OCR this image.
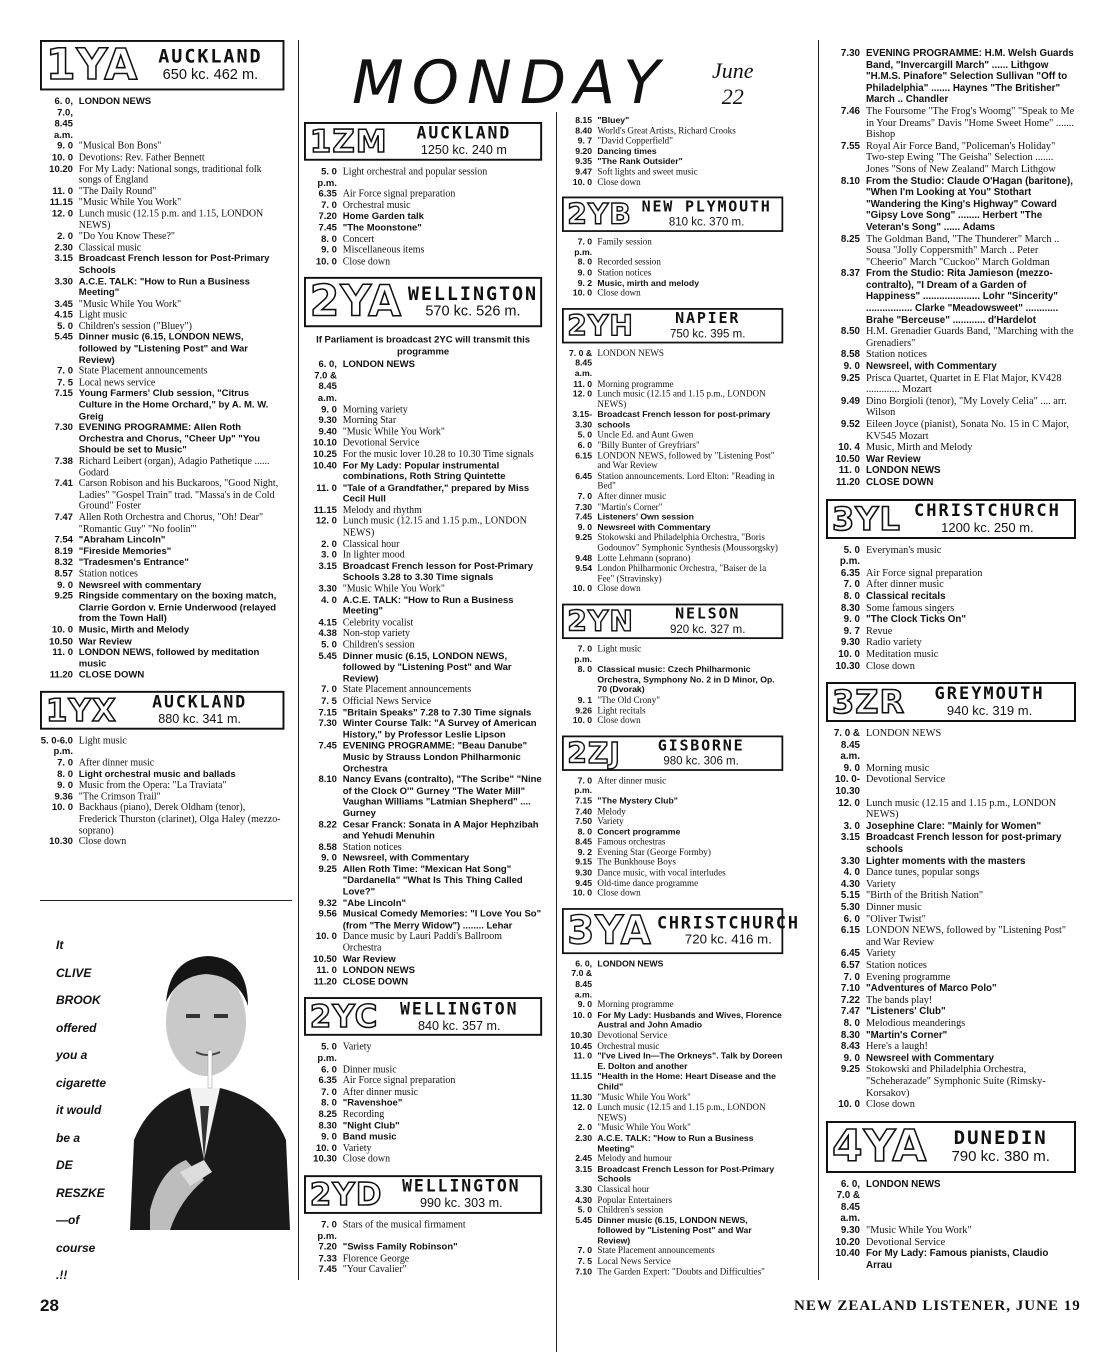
MONDAY June
22
1YA	AUCKLAND
650 kc. 462 m.
6. 0, 7.0, 8.45 a.m.
LONDON NEWS
9. 0 "Musical Bon Bons"
10. 0 Devotions: Rev. Father Bennett
10.20 For My Lady: National songs, traditional folk songs of England
11. 0 "The Daily Round"
11.15 "Music While You Work"
12. 0 Lunch music (12.15 p.m. and 1.15, LONDON NEWS)
2. 0 "Do You Know These?"
2.30 Classical music
3.15 Broadcast French lesson for Post-Primary Schools
3.30 A.C.E. TALK: "How to Run a Business Meeting"
3.45 "Music While You Work"
4.15 Light music
5. 0 Children's session ("Bluey")
5.45 Dinner music (6.15, LONDON NEWS, followed by "Listening Post" and War Review)
7. 0 State Placement announcements
7. 5 Local news service
7.15 Young Farmers' Club session, "Citrus Culture in the Home Orchard," by A. M. W. Greig
7.30 EVENING PROGRAMME: Allen Roth Orchestra and Chorus, "Cheer Up" "You Should be set to Music"
7.38 Richard Leibert (organ), Adagio Pathetique ...... Godard
7.41 Carson Robison and his Buckaroos, "Good Night, Ladies" "Gospel Train" trad. "Massa's in de Cold Ground" Foster
7.47 Allen Roth Orchestra and Chorus, "Oh! Dear" "Romantic Guy" "No foolin'"
7.54 "Abraham Lincoln"
8.19 "Fireside Memories"
8.32 "Tradesmen's Entrance"
8.57 Station notices
9. 0 Newsreel with commentary
9.25 Ringside commentary on the boxing match, Clarrie Gordon v. Ernie Underwood (relayed from the Town Hall)
10. 0 Music, Mirth and Melody
10.50 War Review
11. 0 LONDON NEWS, followed by meditation music
11.20 CLOSE DOWN
1YX	AUCKLAND
880 kc. 341 m.
5. 0-6.0 p.m.
Light music
7. 0 After dinner music
8. 0 Light orchestral music and ballads
9. 0 Music from the Opera: "La Traviata"
9.36 "The Crimson Trail"
10. 0 Backhaus (piano), Derek Oldham (tenor), Frederick Thurston (clarinet), Olga Haley (mezzo-soprano)
10.30 Close down
1ZM	AUCKLAND
1250 kc. 240 m
5. 0 p.m.
Light orchestral and popular session
6.35 Air Force signal preparation
7. 0 Orchestral music
7.20 Home Garden talk
7.45 "The Moonstone"
8. 0 Concert
9. 0 Miscellaneous items
10. 0 Close down
2YA WELLINGTON
570 kc. 526 m.
If Parliament is broadcast 2YC will transmit this programme
6. 0, 7.0 & 8.45 a.m.
LONDON NEWS
9. 0 Morning variety
9.30 Morning Star
9.40 "Music While You Work"
10.10 Devotional Service
10.25 For the music lover 10.28 to 10.30 Time signals
10.40 For My Lady: Popular instrumental combinations, Roth String Quintette
11. 0 "Tale of a Grandfather," prepared by Miss Cecil Hull
11.15 Melody and rhythm
12. 0 Lunch music (12.15 and 1.15 p.m., LONDON NEWS)
2. 0 Classical hour
3. 0 In lighter mood
3.15 Broadcast French lesson for Post-Primary Schools 3.28 to 3.30 Time signals
3.30 "Music While You Work"
4. 0 A.C.E. TALK: "How to Run a Business Meeting"
4.15 Celebrity vocalist
4.38 Non-stop variety
5. 0 Children's session
5.45 Dinner music (6.15, LONDON NEWS, followed by "Listening Post" and War Review)
7. 0 State Placement announcements
7. 5 Official News Service
7.15 "Britain Speaks" 7.28 to 7.30 Time signals
7.30 Winter Course Talk: "A Survey of American History," by Professor Leslie Lipson
7.45 EVENING PROGRAMME: "Beau Danube" Music by Strauss London Philharmonic Orchestra
8.10 Nancy Evans (contralto), "The Scribe" "Nine of the Clock O'" Gurney "The Water Mill" Vaughan Williams "Latmian Shepherd" .... Gurney
8.22 Cesar Franck: Sonata in A Major Hephzibah and Yehudi Menuhin
8.58 Station notices
9. 0 Newsreel, with Commentary
9.25 Allen Roth Time: "Mexican Hat Song" "Dardanella" "What Is This Thing Called Love?"
9.32 "Abe Lincoln"
9.56 Musical Comedy Memories: "I Love You So" (from "The Merry Widow") ........ Lehar
10. 0 Dance music by Lauri Paddi's Ballroom Orchestra
10.50 War Review
11. 0 LONDON NEWS
11.20 CLOSE DOWN
2YC	WELLINGTON
840 kc. 357 m.
5. 0 p.m.
Variety
6. 0 Dinner music
6.35 Air Force signal preparation
7. 0 After dinner music
8. 0 "Ravenshoe"
8.25 Recording
8.30 "Night Club"
9. 0 Band music
10. 0 Variety
10.30 Close down
2YD	WELLINGTON
990 kc. 303 m.
7. 0 p.m.
Stars of the musical firmament
7.20 "Swiss Family Robinson"
7.33 Florence George
7.45 "Your Cavalier"
8.15 "Bluey"
8.40 World's Great Artists, Richard Crooks
9. 7 "David Copperfield"
9.20 Dancing times
9.35 "The Rank Outsider"
9.47 Soft lights and sweet music
10. 0 Close down
2YB NEW PLYMOUTH
810 kc. 370 m.
7. 0 p.m.
Family session
8. 0 Recorded session
9. 0 Station notices
9. 2 Music, mirth and melody
10. 0 Close down
2YH	NAPIER
750 kc. 395 m.
7. 0 & 8.45 a.m.
LONDON NEWS
11. 0 Morning programme
12. 0 Lunch music (12.15 and 1.15 p.m., LONDON NEWS)
3.15-3.30
Broadcast French lesson for post-primary schools
5. 0 Uncle Ed. and Aunt Gwen
6. 0 "Billy Bunter of Greyfriars"
6.15 LONDON NEWS, followed by "Listening Post" and War Review
6.45 Station announcements. Lord Elton: "Reading in Bed"
7. 0 After dinner music
7.30 "Martin's Corner"
7.45 Listeners' Own session
9. 0 Newsreel with Commentary
9.25 Stokowski and Philadelphia Orchestra, "Boris Godounov" Symphonic Synthesis (Moussorgsky)
9.48 Lotte Lehmann (soprano)
9.54 London Philharmonic Orchestra, "Baiser de la Fee" (Stravinsky)
10. 0 Close down
2YN	NELSON
920 kc. 327 m.
7. 0 p.m.
Light music
8. 0 Classical music: Czech Philharmonic Orchestra, Symphony No. 2 in D Minor, Op. 70 (Dvorak)
9. 1 "The Old Crony"
9.26 Light recitals
10. 0 Close down
2ZJ	GISBORNE
980 kc. 306 m.
7. 0 p.m.
After dinner music
7.15 "The Mystery Club"
7.40 Melody
7.50 Variety
8. 0 Concert programme
8.45 Famous orchestras
9. 2 Evening Star (George Formby)
9.15 The Bunkhouse Boys
9.30 Dance music, with vocal interludes
9.45 Old-time dance programme
10. 0 Close down
3YA CHRISTCHURCH
720 kc. 416 m.
6. 0, 7.0 & 8.45 a.m.
LONDON NEWS
9. 0 Morning programme
10. 0 For My Lady: Husbands and Wives, Florence Austral and John Amadio
10.30 Devotional Service
10.45 Orchestral music
11. 0 "I've Lived In—The Orkneys". Talk by Doreen E. Dolton and another
11.15 "Health in the Home: Heart Disease and the Child"
11.30 "Music While You Work"
12. 0 Lunch music (12.15 and 1.15 p.m., LONDON NEWS)
2. 0 "Music While You Work"
2.30 A.C.E. TALK: "How to Run a Business Meeting"
2.45 Melody and humour
3.15 Broadcast French Lesson for Post-Primary Schools
3.30 Classical hour
4.30 Popular Entertainers
5. 0 Children's session
5.45 Dinner music (6.15, LONDON NEWS, followed by "Listening Post" and War Review)
7. 0 State Placement announcements
7. 5 Local News Service
7.10 The Garden Expert: "Doubts and Difficulties"
7.30 EVENING PROGRAMME: H.M. Welsh Guards Band, "Invercargill March" ...... Lithgow "H.M.S. Pinafore" Selection Sullivan "Off to Philadelphia" ....... Haynes "The Britisher" March .. Chandler
7.46 The Foursome "The Frog's Woomg" "Speak to Me in Your Dreams" Davis "Home Sweet Home" ....... Bishop
7.55 Royal Air Force Band, "Policeman's Holiday" Two-step Ewing "The Geisha" Selection ....... Jones "Sons of New Zealand" March Lithgow
8.10 From the Studio: Claude O'Hagan (baritone), "When I'm Looking at You" Stothart "Wandering the King's Highway" Coward "Gipsy Love Song" ........ Herbert "The Veteran's Song" ...... Adams
8.25 The Goldman Band, "The Thunderer" March .. Sousa "Jolly Coppersmith" March .. Peter "Cheerio" March "Cuckoo" March Goldman
8.37 From the Studio: Rita Jamieson (mezzo-contralto), "I Dream of a Garden of Happiness" ..................... Lohr "Sincerity" ................. Clarke "Meadowsweet" ............ Brahe "Berceuse" ............ d'Hardelot
8.50 H.M. Grenadier Guards Band, "Marching with the Grenadiers"
8.58 Station notices
9. 0 Newsreel, with Commentary
9.25 Prisca Quartet, Quartet in E Flat Major, KV428 ............. Mozart
9.49 Dino Borgioli (tenor), "My Lovely Celia" .... arr. Wilson
9.52 Eileen Joyce (pianist), Sonata No. 15 in C Major, KV545 Mozart
10. 4 Music, Mirth and Melody
10.50 War Review
11. 0 LONDON NEWS
11.20 CLOSE DOWN
3YL CHRISTCHURCH
1200 kc. 250 m.
5. 0 p.m.
Everyman's music
6.35 Air Force signal preparation
7. 0 After dinner music
8. 0 Classical recitals
8.30 Some famous singers
9. 0 "The Clock Ticks On"
9. 7 Revue
9.30 Radio variety
10. 0 Meditation music
10.30 Close down
3ZR	GREYMOUTH
940 kc. 319 m.
7. 0 & 8.45 a.m.
LONDON NEWS
9. 0 Morning music
10. 0-10.30
Devotional Service
12. 0 Lunch music (12.15 and 1.15 p.m., LONDON NEWS)
3. 0 Josephine Clare: "Mainly for Women"
3.15 Broadcast French lesson for post-primary schools
3.30 Lighter moments with the masters
4. 0 Dance tunes, popular songs
4.30 Variety
5.15 "Birth of the British Nation"
5.30 Dinner music
6. 0 "Oliver Twist"
6.15 LONDON NEWS, followed by "Listening Post" and War Review
6.45 Variety
6.57 Station notices
7. 0 Evening programme
7.10 "Adventures of Marco Polo"
7.22 The bands play!
7.47 "Listeners' Club"
8. 0 Melodious meanderings
8.30 "Martin's Corner"
8.43 Here's a laugh!
9. 0 Newsreel with Commentary
9.25 Stokowski and Philadelphia Orchestra, "Scheherazade" Symphonic Suite (Rimsky-Korsakov)
10. 0 Close down
4YA	DUNEDIN
790 kc. 380 m.
6. 0, 7.0 & 8.45 a.m.
LONDON NEWS
9.30 "Music While You Work"
10.20 Devotional Service
10.40 For My Lady: Famous pianists, Claudio Arrau
It
CLIVE
BROOK
offered
you a
cigarette
it would
be a
DE
RESZKE
—of
course
.!!
28	NEW ZEALAND LISTENER, JUNE 19
